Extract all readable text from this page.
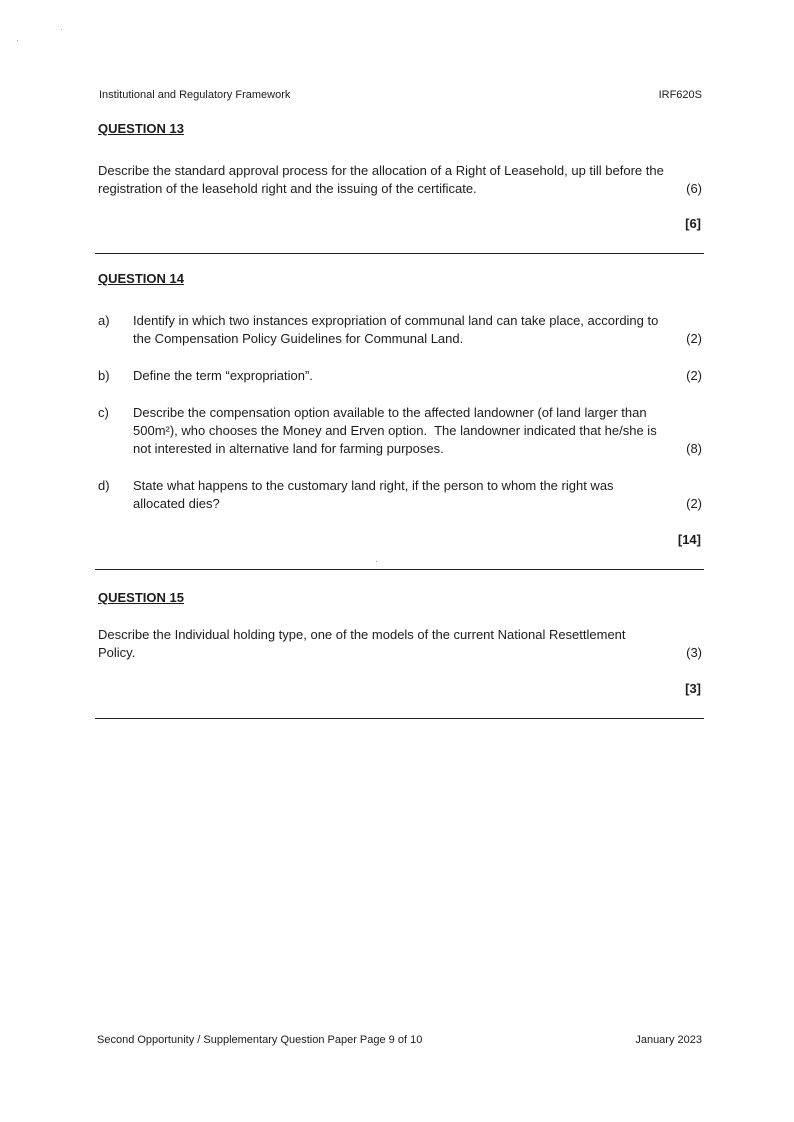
Institutional and Regulatory Framework	IRF620S
QUESTION 13
Describe the standard approval process for the allocation of a Right of Leasehold, up till before the
registration of the leasehold right and the issuing of the certificate.	(6)
[6]
QUESTION 14
a) Identify in which two instances expropriation of communal land can take place, according to
the Compensation Policy Guidelines for Communal Land.	(2)
b) Define the term “expropriation”.	(2)
c) Describe the compensation option available to the affected landowner (of land larger than
500m²), who chooses the Money and Erven option.  The landowner indicated that he/she is
not interested in alternative land for farming purposes.	(8)
d) State what happens to the customary land right, if the person to whom the right was
allocated dies?	(2)
[14]
QUESTION 15
Describe the Individual holding type, one of the models of the current National Resettlement
Policy.	(3)
[3]
Second Opportunity / Supplementary Question Paper Page 9 of 10	January 2023
